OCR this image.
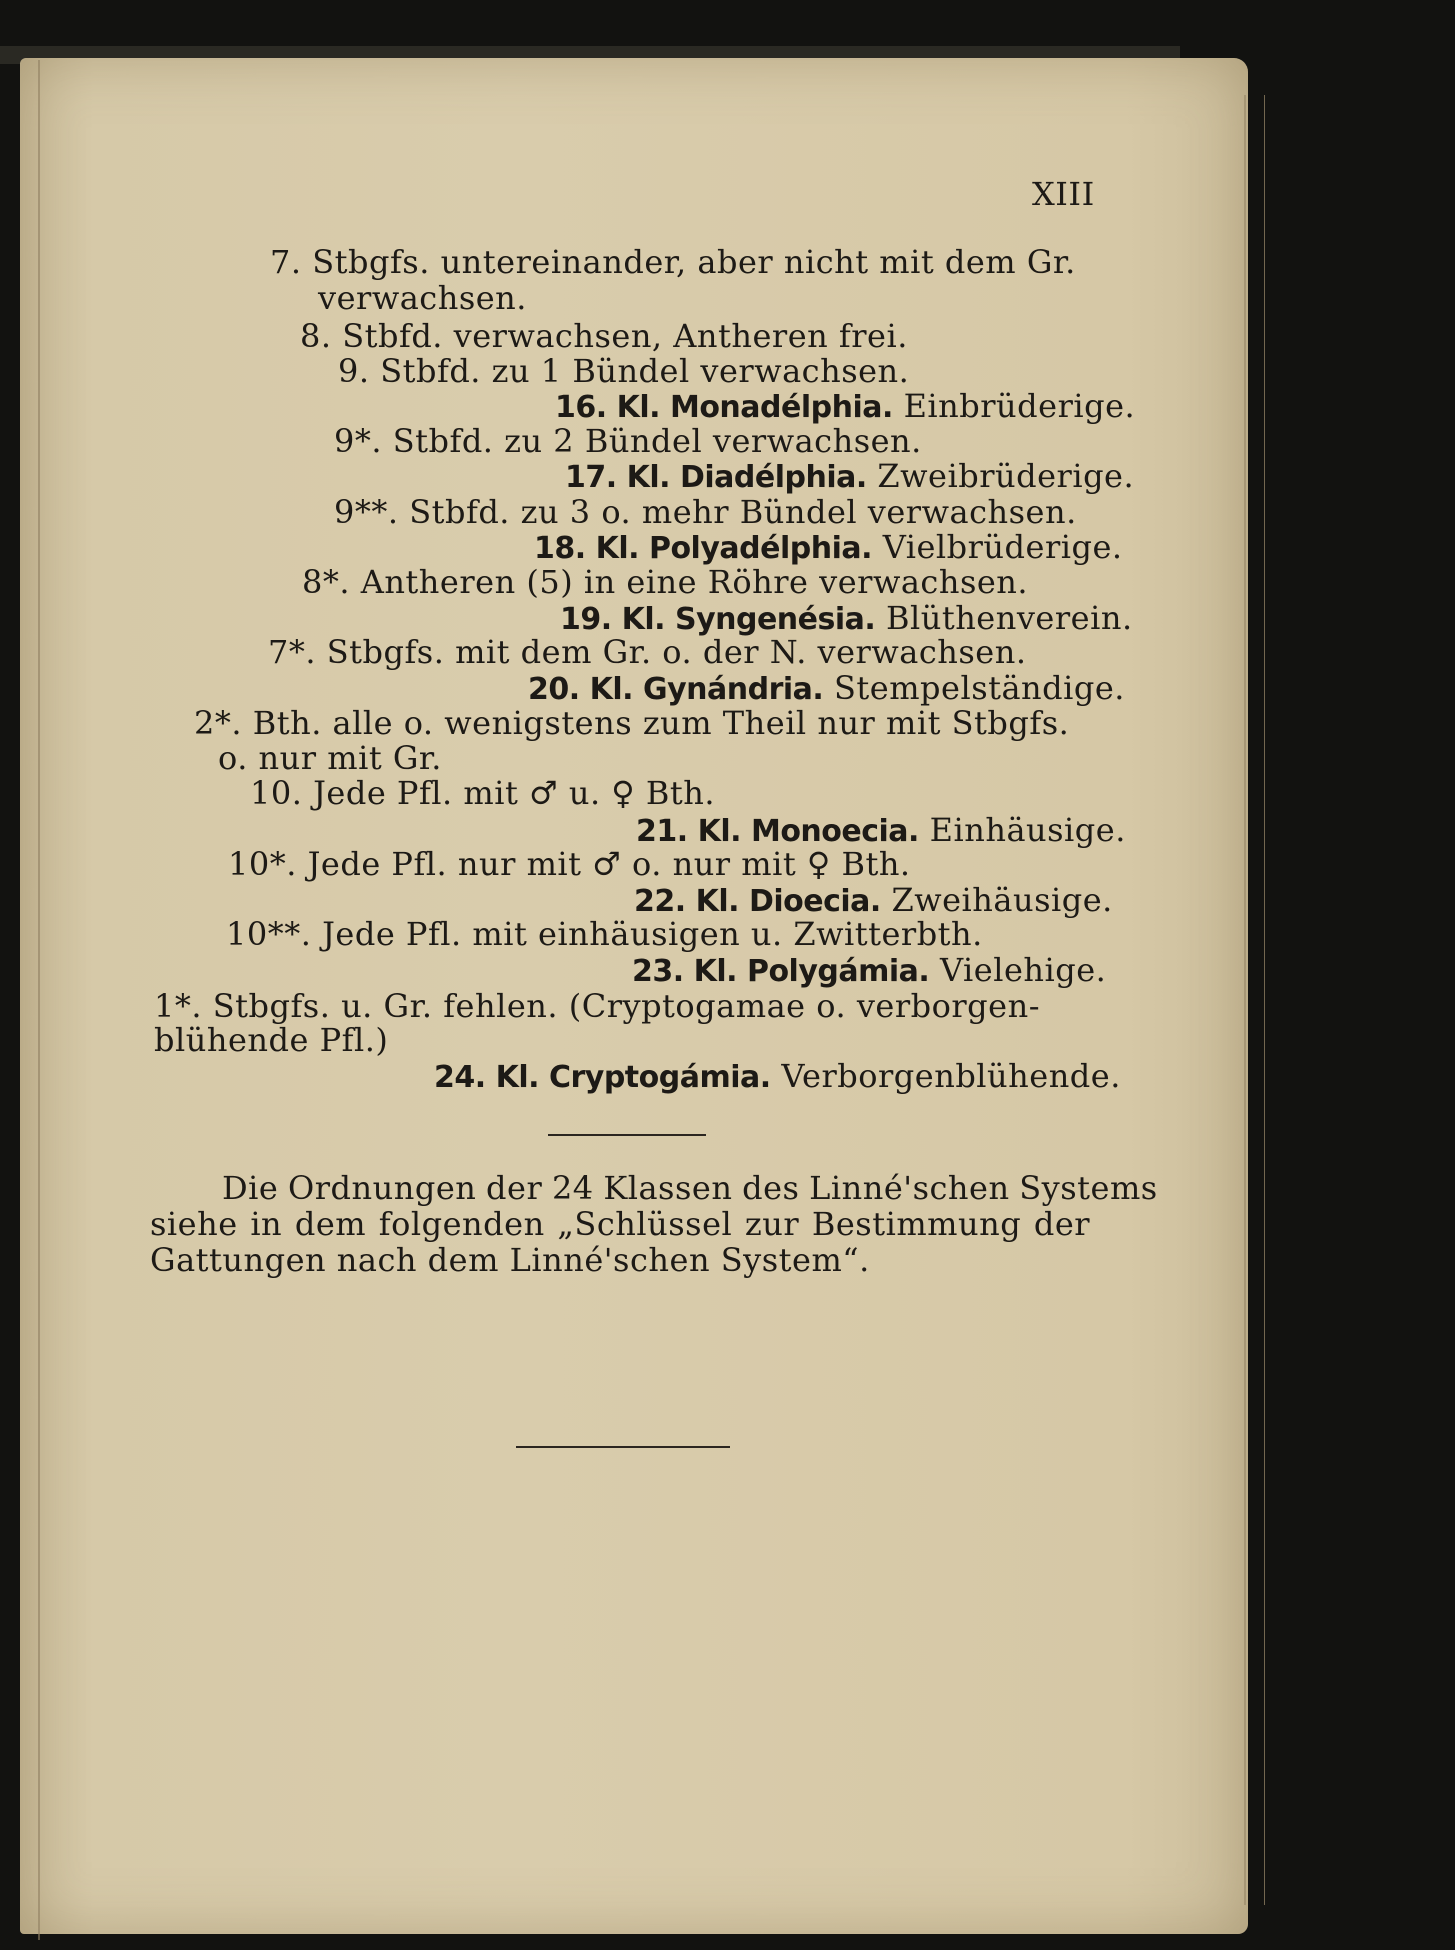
XIII
7. Stbgfs. untereinander, aber nicht mit dem Gr.
verwachsen.
8. Stbfd. verwachsen, Antheren frei.
9. Stbfd. zu 1 Bündel verwachsen.
16. Kl. Monadélphia. Einbrüderige.
9*. Stbfd. zu 2 Bündel verwachsen.
17. Kl. Diadélphia. Zweibrüderige.
9**. Stbfd. zu 3 o. mehr Bündel verwachsen.
18. Kl. Polyadélphia. Vielbrüderige.
8*. Antheren (5) in eine Röhre verwachsen.
19. Kl. Syngenésia. Blüthenverein.
7*. Stbgfs. mit dem Gr. o. der N. verwachsen.
20. Kl. Gynándria. Stempelständige.
2*. Bth. alle o. wenigstens zum Theil nur mit Stbgfs.
o. nur mit Gr.
10. Jede Pfl. mit ♂ u. ♀ Bth.
21. Kl. Monoecia. Einhäusige.
10*. Jede Pfl. nur mit ♂ o. nur mit ♀ Bth.
22. Kl. Dioecia. Zweihäusige.
10**. Jede Pfl. mit einhäusigen u. Zwitterbth.
23. Kl. Polygámia. Vielehige.
1*. Stbgfs. u. Gr. fehlen. (Cryptogamae o. verborgen-
blühende Pfl.)
24. Kl. Cryptogámia. Verborgenblühende.
Die Ordnungen der 24 Klassen des Linné'schen Systems
siehe in dem folgenden „Schlüssel zur Bestimmung der
Gattungen nach dem Linné'schen System“.
